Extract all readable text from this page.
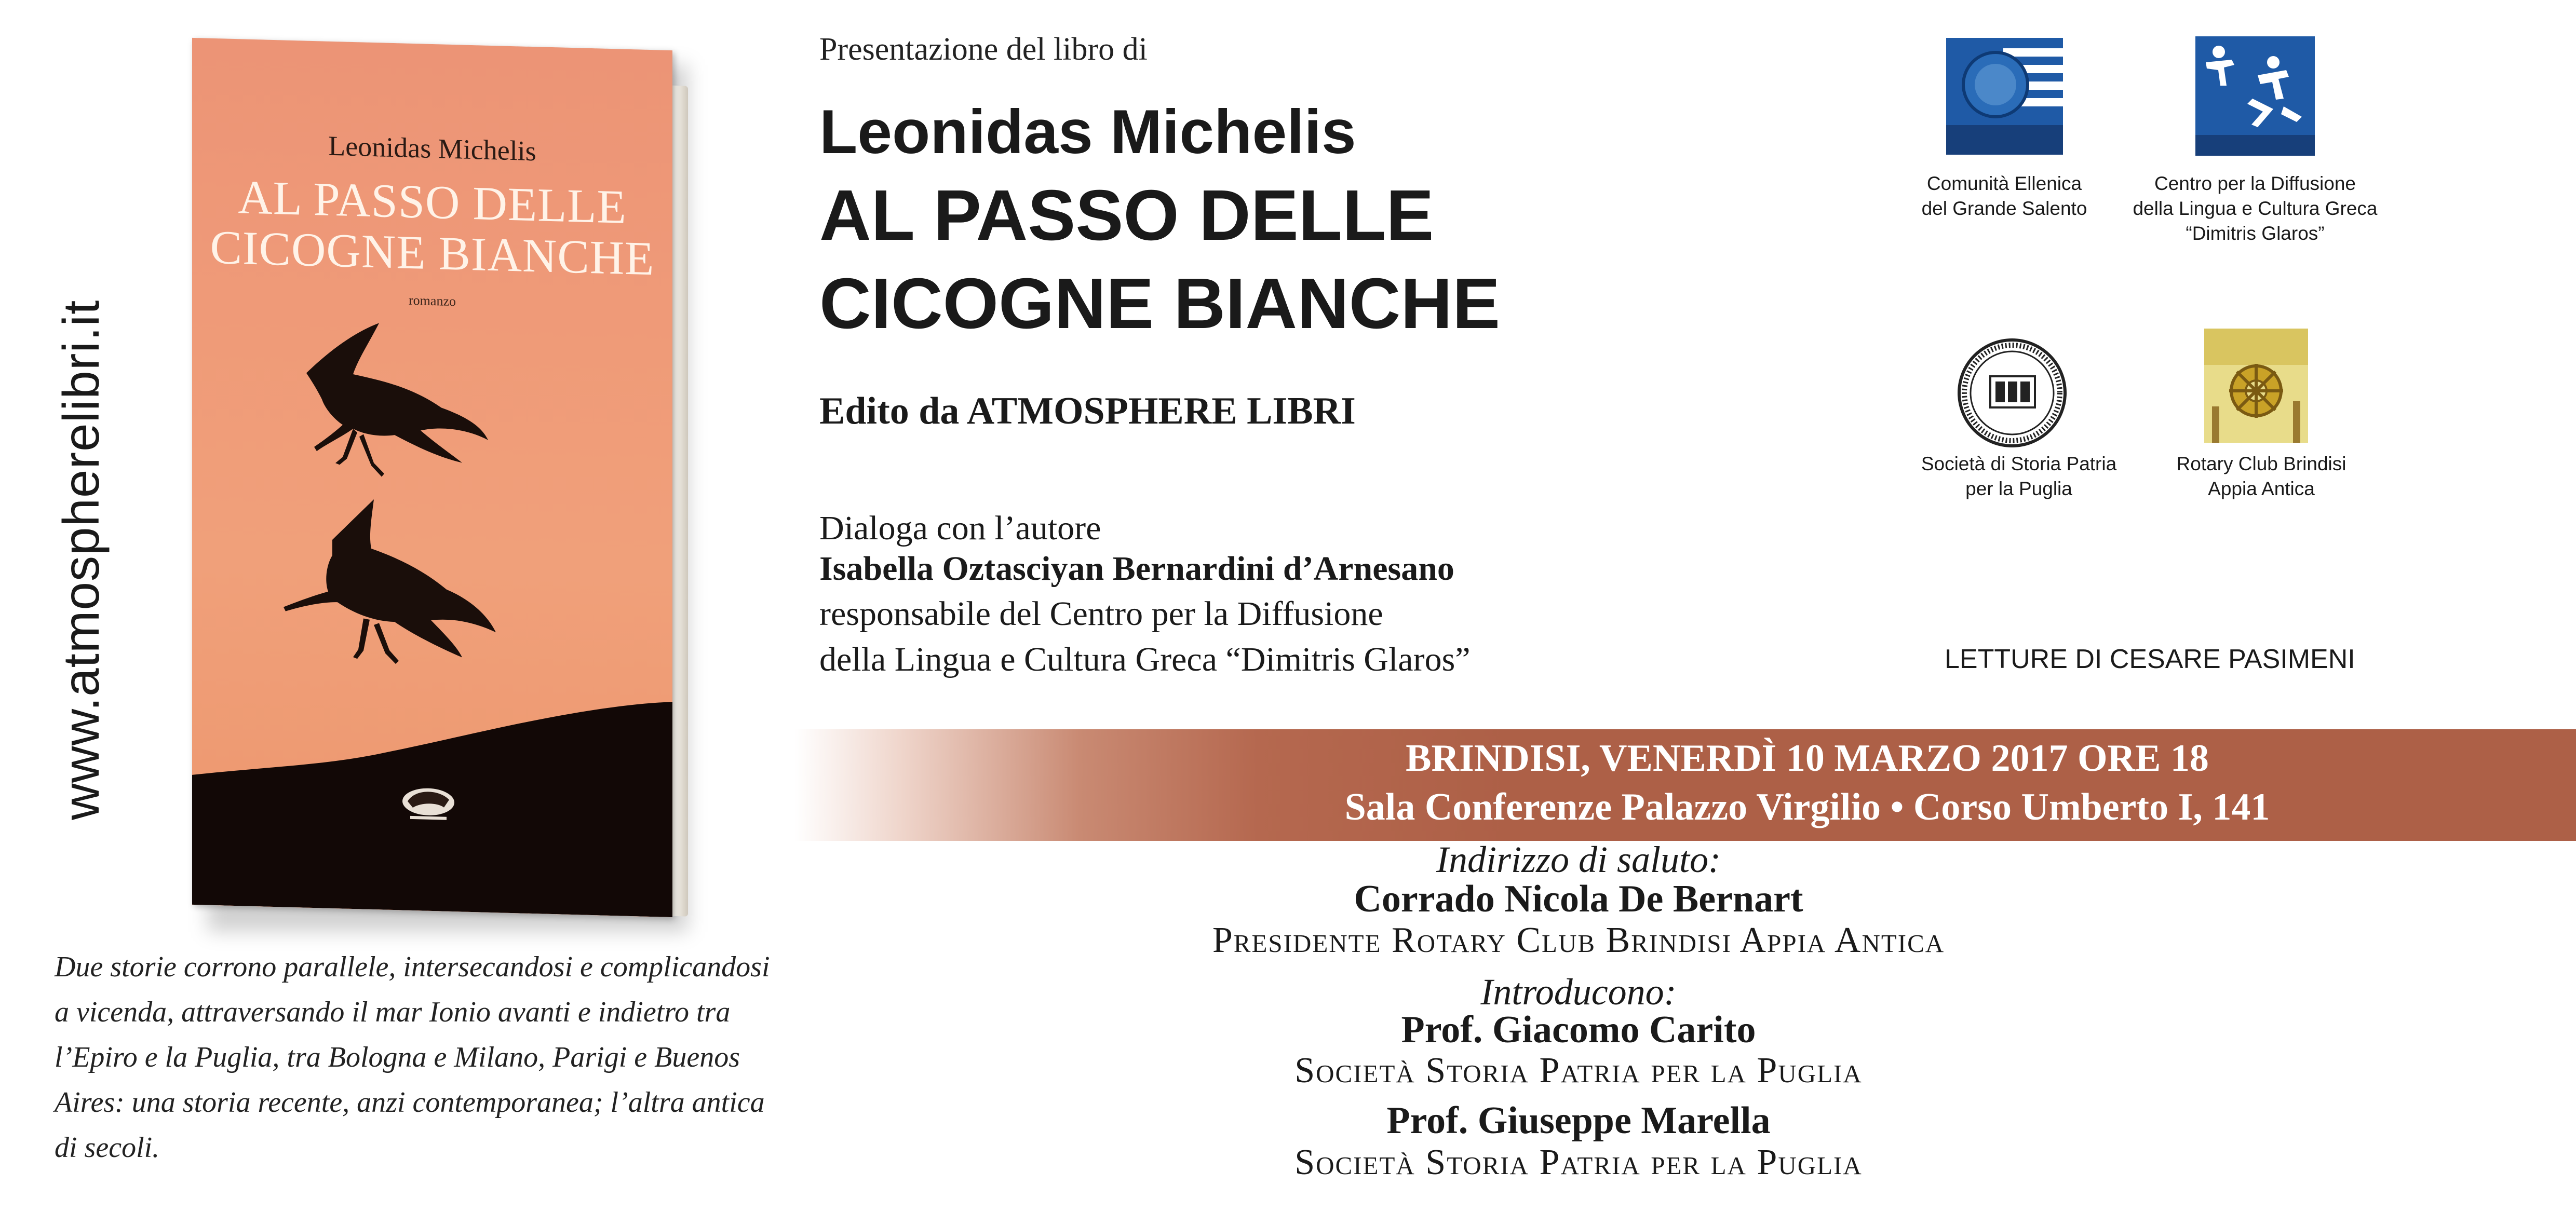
www.atmospherelibri.it
Leonidas Michelis
AL PASSO DELLE
CICOGNE BIANCHE
romanzo
Due storie corrono parallele, intersecandosi e complicandosi a vicenda, attraversando il mar Ionio avanti e indietro tra l’Epiro e la Puglia, tra Bologna e Milano, Parigi e Buenos Aires: una storia recente, anzi contemporanea; l’altra antica di secoli.
Presentazione del libro di
Leonidas Michelis
AL PASSO DELLE
CICOGNE BIANCHE
Edito da ATMOSPHERE LIBRI
Dialoga con l’autore
Isabella Oztasciyan Bernardini d’Arnesano
responsabile del Centro per la Diffusione
della Lingua e Cultura Greca “Dimitris Glaros”
Comunità Ellenica
del Grande Salento
Centro per la Diffusione
della Lingua e Cultura Greca
“Dimitris Glaros”
Società di Storia Patria
per la Puglia
Rotary Club Brindisi
Appia Antica
LETTURE DI CESARE PASIMENI
BRINDISI, VENERDÌ 10 MARZO 2017 ORE 18
Sala Conferenze Palazzo Virgilio • Corso Umberto I, 141
Indirizzo di saluto:
Corrado Nicola De Bernart
Presidente Rotary Club Brindisi Appia Antica
Introducono:
Prof. Giacomo Carito
Società Storia Patria per la Puglia
Prof. Giuseppe Marella
Società Storia Patria per la Puglia
